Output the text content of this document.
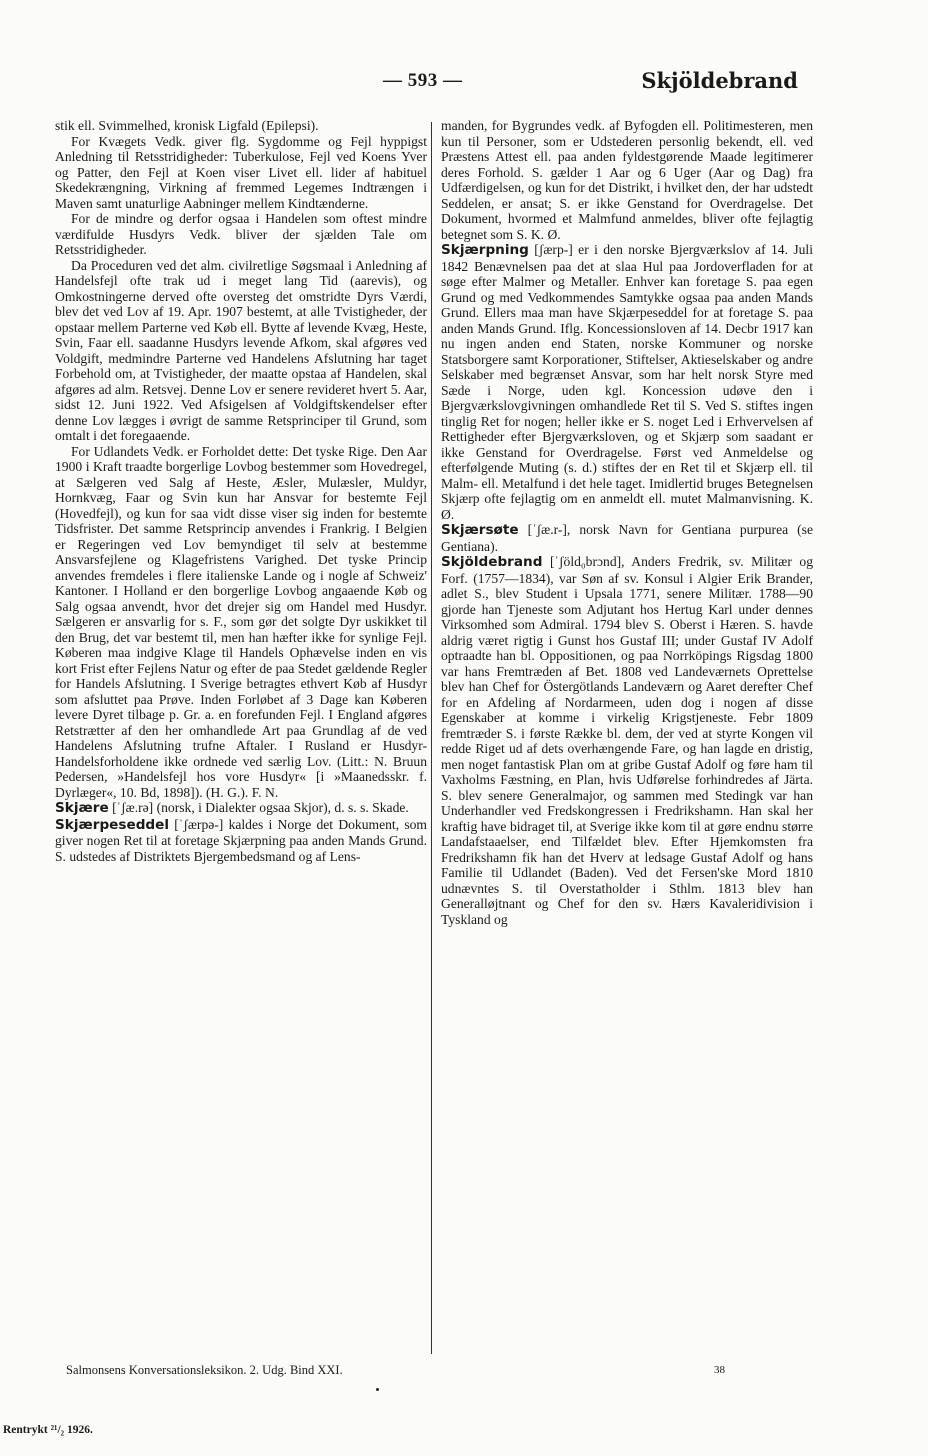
— 593 —	Skjöldebrand

stik ell. Svimmelhed, kronisk Ligfald (Epilepsi).

For Kvægets Vedk. giver flg. Sygdomme og Fejl hyppigst Anledning til Retsstridigheder: Tuberkulose, Fejl ved Koens Yver og Patter, den Fejl at Koen viser Livet ell. lider af habituel Skedekrængning, Virkning af fremmed Legemes Indtrængen i Maven samt unaturlige Aabninger mellem Kindtænderne.

For de mindre og derfor ogsaa i Handelen som oftest mindre værdifulde Husdyrs Vedk. bliver der sjælden Tale om Retsstridigheder.

Da Proceduren ved det alm. civilretlige Søgsmaal i Anledning af Handelsfejl ofte trak ud i meget lang Tid (aarevis), og Omkostningerne derved ofte oversteg det omstridte Dyrs Værdi, blev det ved Lov af 19. Apr. 1907 bestemt, at alle Tvistigheder, der opstaar mellem Parterne ved Køb ell. Bytte af levende Kvæg, Heste, Svin, Faar ell. saadanne Husdyrs levende Afkom, skal afgøres ved Voldgift, medmindre Parterne ved Handelens Afslutning har taget Forbehold om, at Tvistigheder, der maatte opstaa af Handelen, skal afgøres ad alm. Retsvej. Denne Lov er senere revideret hvert 5. Aar, sidst 12. Juni 1922. Ved Afsigelsen af Voldgiftskendelser efter denne Lov lægges i øvrigt de samme Retsprinciper til Grund, som omtalt i det foregaaende.

For Udlandets Vedk. er Forholdet dette: Det tyske Rige. Den Aar 1900 i Kraft traadte borgerlige Lovbog bestemmer som Hovedregel, at Sælgeren ved Salg af Heste, Æsler, Mulæsler, Muldyr, Hornkvæg, Faar og Svin kun har Ansvar for bestemte Fejl (Hovedfejl), og kun for saa vidt disse viser sig inden for bestemte Tidsfrister. Det samme Retsprincip anvendes i Frankrig. I Belgien er Regeringen ved Lov bemyndiget til selv at bestemme Ansvarsfejlene og Klagefristens Varighed. Det tyske Princip anvendes fremdeles i flere italienske Lande og i nogle af Schweiz' Kantoner. I Holland er den borgerlige Lovbog angaaende Køb og Salg ogsaa anvendt, hvor det drejer sig om Handel med Husdyr. Sælgeren er ansvarlig for s. F., som gør det solgte Dyr uskikket til den Brug, det var bestemt til, men han hæfter ikke for synlige Fejl. Køberen maa indgive Klage til Handels Ophævelse inden en vis kort Frist efter Fejlens Natur og efter de paa Stedet gældende Regler for Handels Afslutning. I Sverige betragtes ethvert Køb af Husdyr som afsluttet paa Prøve. Inden Forløbet af 3 Dage kan Køberen levere Dyret tilbage p. Gr. a. en forefunden Fejl. I England afgøres Retstrætter af den her omhandlede Art paa Grundlag af de ved Handelens Afslutning trufne Aftaler. I Rusland er Husdyr-Handelsforholdene ikke ordnede ved særlig Lov. (Litt.: N. Bruun Pedersen, »Handelsfejl hos vore Husdyr« [i »Maanedsskr. f. Dyrlæger«, 10. Bd, 1898]). (H. G.). F. N.

Skjære [ˈʃæ.rə] (norsk, i Dialekter ogsaa Skjor), d. s. s. Skade.

Skjærpeseddel [ˈʃærpə-] kaldes i Norge det Dokument, som giver nogen Ret til at foretage Skjærpning paa anden Mands Grund. S. udstedes af Distriktets Bjergembedsmand og af Lens-

manden, for Bygrundes vedk. af Byfogden ell. Politimesteren, men kun til Personer, som er Udstederen personlig bekendt, ell. ved Præstens Attest ell. paa anden fyldestgørende Maade legitimerer deres Forhold. S. gælder 1 Aar og 6 Uger (Aar og Dag) fra Udfærdigelsen, og kun for det Distrikt, i hvilket den, der har udstedt Seddelen, er ansat; S. er ikke Genstand for Overdragelse. Det Dokument, hvormed et Malmfund anmeldes, bliver ofte fejlagtig betegnet som S. K. Ø.

Skjærpning [ʃærp-] er i den norske Bjergværkslov af 14. Juli 1842 Benævnelsen paa det at slaa Hul paa Jordoverfladen for at søge efter Malmer og Metaller. Enhver kan foretage S. paa egen Grund og med Vedkommendes Samtykke ogsaa paa anden Mands Grund. Ellers maa man have Skjærpeseddel for at foretage S. paa anden Mands Grund. Iflg. Koncessionsloven af 14. Decbr 1917 kan nu ingen anden end Staten, norske Kommuner og norske Statsborgere samt Korporationer, Stiftelser, Aktieselskaber og andre Selskaber med begrænset Ansvar, som har helt norsk Styre med Sæde i Norge, uden kgl. Koncession udøve den i Bjergværkslovgivningen omhandlede Ret til S. Ved S. stiftes ingen tinglig Ret for nogen; heller ikke er S. noget Led i Erhvervelsen af Rettigheder efter Bjergværksloven, og et Skjærp som saadant er ikke Genstand for Overdragelse. Først ved Anmeldelse og efterfølgende Muting (s. d.) stiftes der en Ret til et Skjærp ell. til Malm- ell. Metalfund i det hele taget. Imidlertid bruges Betegnelsen Skjærp ofte fejlagtig om en anmeldt ell. mutet Malmanvisning. K. Ø.

Skjærsøte [ˈʃæ.r-], norsk Navn for Gentiana purpurea (se Gentiana).

Skjöldebrand [ˈʃöld₀brɔnd], Anders Fredrik, sv. Militær og Forf. (1757—1834), var Søn af sv. Konsul i Algier Erik Brander, adlet S., blev Student i Upsala 1771, senere Militær. 1788—90 gjorde han Tjeneste som Adjutant hos Hertug Karl under dennes Virksomhed som Admiral. 1794 blev S. Oberst i Hæren. S. havde aldrig været rigtig i Gunst hos Gustaf III; under Gustaf IV Adolf optraadte han bl. Oppositionen, og paa Norrköpings Rigsdag 1800 var hans Fremtræden af Bet. 1808 ved Landeværnets Oprettelse blev han Chef for Östergötlands Landeværn og Aaret derefter Chef for en Afdeling af Nordarmeen, uden dog i nogen af disse Egenskaber at komme i virkelig Krigstjeneste. Febr 1809 fremtræder S. i første Række bl. dem, der ved at styrte Kongen vil redde Riget ud af dets overhængende Fare, og han lagde en dristig, men noget fantastisk Plan om at gribe Gustaf Adolf og føre ham til Vaxholms Fæstning, en Plan, hvis Udførelse forhindredes af Järta. S. blev senere Generalmajor, og sammen med Stedingk var han Underhandler ved Fredskongressen i Fredrikshamn. Han skal her kraftig have bidraget til, at Sverige ikke kom til at gøre endnu større Landafstaaelser, end Tilfældet blev. Efter Hjemkomsten fra Fredrikshamn fik han det Hverv at ledsage Gustaf Adolf og hans Familie til Udlandet (Baden). Ved det Fersen'ske Mord 1810 udnævntes S. til Overstatholder i Sthlm. 1813 blev han Generalløjtnant og Chef for den sv. Hærs Kavaleridivision i Tyskland og

Salmonsens Konversationsleksikon. 2. Udg. Bind XXI.	38
Rentrykt ²¹/₂ 1926.
